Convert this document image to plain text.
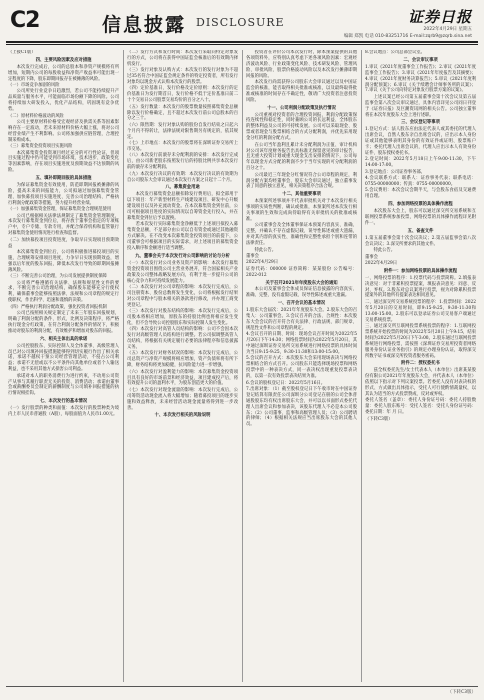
C2	信息披露 DISCLOSURE	证券日报
2022年4月29日 星期五
编辑 郑凯 电话 010-83251716 E-mail:zqrb9@zqrb.sina.net

（上接C1版）

四、主要风险因素及应对措施

本次发行完成后，公司的总股本和净资产规模将有所增加，短期内公司的每股收益和净资产收益率可能出现一定程度的下降，股东即期回报存在被摊薄的风险。

（一）市场竞争加剧的风险

公司所处行业竞争日趋激烈，若公司不能持续提升产品质量与服务水平，可能面临市场份额下降的风险。公司将持续加大研发投入，优化产品结构，巩固现有竞争优势。

（二）原材料价格波动的风险

公司主要原材料价格受宏观经济及供需关系等因素影响存在一定波动，若未来原材料价格大幅上涨，将对公司经营业绩产生不利影响。公司将加强供应链管理，合理控制采购成本。

（三）募集资金投资项目实施风险

本次募集资金投资项目经过充分的可行性论证，但项目实施过程中仍可能受到市场环境、技术进步、政策变化等因素影响，存在项目实施进度及预期效益不达预期的风险。

五、填补即期回报的具体措施

为保证募集资金有效使用，防范即期回报被摊薄的风险，提高未来的回报能力，公司拟通过加强募集资金管理、加快募投项目实施进度、完善公司治理结构、严格执行利润分配政策等措施，努力提升经营业绩。

（一）加强募集资金管理，保证募集资金合理规范使用

公司已根据相关法律法规制定了募集资金管理制度，本次发行募集资金到位后，将存放于董事会指定的专项账户中，专户专储、专款专用，并配合保荐机构和监管银行对募集资金使用情况进行检查和监督。

（二）加快募投项目投资进度，争取早日实现项目预期效益

本次募集资金到位后，公司将积极推进募投项目的实施，合理统筹安排项目进度，力争早日实现预期效益，增强以后年度的股东回报，降低本次发行导致的即期回报摊薄风险。

（三）不断完善公司治理，为公司发展提供制度保障

公司将严格遵循有关法律、法规和规范性文件的要求，不断完善公司治理结构，确保股东能够充分行使权利，确保董事会能够按照法律、法规和公司章程的规定行使职权，作出科学、迅速和谨慎的决策。

（四）严格执行利润分配政策，强化投资者回报机制

公司已按照相关规定制定了未来三年股东回报规划，明确了利润分配的条件、形式、比例及决策程序，将严格执行现金分红政策，在符合利润分配条件的情况下，积极推动对股东的利润分配，有效维护和增加对股东的回报。

六、相关主体出具的承诺

公司控股股东、实际控制人及全体董事、高级管理人员已对公司填补回报措施能够得到切实履行作出了相关承诺，承诺不越权干预公司经营管理活动，不侵占公司利益；承诺不无偿或以不公平条件向其他单位或者个人输送利益，也不采用其他方式损害公司利益。

承诺对本人的职务消费行为进行约束，不动用公司资产从事与其履行职责无关的投资、消费活动；承诺由董事会或薪酬委员会制定的薪酬制度与公司填补回报措施的执行情况相挂钩。

七、本次发行的基本情况

（一）发行股票的种类和面值：本次发行的股票种类为境内上市人民币普通股（A股），每股面值为人民币1.00元。

（二）发行方式和发行时间：本次发行采取向特定对象发行的方式，公司将在获得中国证监会核准后的有效期内择机发行。

（三）发行对象及认购方式：本次发行的发行对象为不超过35名符合中国证监会规定条件的特定投资者，所有发行对象均以现金方式认购本次发行的股票。

（四）定价基准日、发行价格及定价原则：本次发行的定价基准日为发行期首日，发行价格不低于定价基准日前二十个交易日公司股票交易均价的百分之八十。

（五）发行数量：本次发行的股票数量按照募集资金总额除以发行价格确定，且不超过本次发行前公司总股本的百分之三十。

（六）限售期：发行对象认购的股份自发行结束之日起六个月内不得转让，法律法规对限售期另有规定的，依其规定。

（七）上市地点：本次发行的股票将在深圳证券交易所上市交易。

（八）本次发行前滚存未分配利润的安排：本次发行完成后，由公司新老股东按照发行后的持股比例共享本次发行前的滚存未分配利润。

（九）本次发行决议的有效期：本次发行决议的有效期为自公司股东大会审议通过本次发行方案之日起十二个月。

八、募集资金用途

本次发行募集资金总额扣除发行费用后，拟全部用于以下项目：年产新型材料生产线建设项目、研发中心升级建设项目以及补充流动资金。在本次募集资金到位前，公司可根据项目进度的实际情况以自筹资金先行投入，并在募集资金到位后予以置换。

若本次发行实际募集资金净额低于上述项目拟投入募集资金总额，不足部分由公司以自有资金或通过其他融资方式解决。在不改变本次募集资金投资项目的前提下，公司董事会可根据项目的实际需求，对上述项目的募集资金投入顺序和金额进行适当调整。

九、董事会关于本次发行对公司影响的讨论与分析

（一）本次发行对公司业务及资产的影响：本次发行募集资金投资项目围绕公司主营业务展开，符合国家相关产业政策及公司整体战略发展方向，有利于进一步提升公司的核心竞争力和可持续发展能力。

（二）本次发行对公司章程的影响：本次发行完成后，公司注册资本、股份总数将发生变化，公司将根据发行结果对公司章程中与股本相关的条款进行修改，并办理工商变更登记。

（三）本次发行对股东结构的影响：本次发行完成后，公司股本将相应增加，原股东的持股比例也将相应发生变化，但不会导致公司控股股东和实际控制人发生变化。

（四）本次发行对高管人员结构的影响：公司不会因本次发行对高级管理人员结构进行调整。若公司拟调整高管人员结构，将根据有关规定履行必要的法律程序和信息披露义务。

（五）本次发行对财务状况的影响：本次发行完成后，公司总资产与净资产规模将相应增加，资产负债率将有所下降，财务结构将更加稳健，抗风险能力进一步增强。

（六）本次发行对盈利能力的影响：本次募集资金投资项目具有良好的市场前景和经济效益，项目建成投产后，将有效提升公司的盈利水平，为股东创造更大的价值。

（七）本次发行对现金流量的影响：本次发行完成后，公司筹资活动现金流入将大幅增加；随着募投项目的逐步实施和效益释放，未来经营活动现金流量将得到进一步改善。

十、本次发行相关的风险说明

投资者在评价公司本次发行时，除本预案提供的其他各项资料外，应特别认真考虑下述各项风险因素：宏观经济波动风险、行业政策变化风险、技术研发风险、管理风险、审批风险、股票价格波动风险以及本次发行摊薄即期回报的风险。

本次发行尚需获得公司股东大会审议通过以及中国证监会的核准，能否取得相关批准或核准，以及最终取得批准或核准的时间存在不确定性，敬请广大投资者注意投资风险。

十一、公司利润分配政策及执行情况

公司重视对投资者的合理投资回报，利润分配政策保持连续性和稳定性，同时兼顾公司的长远利益、全体股东的整体利益及公司的可持续发展。公司可以采取现金、股票或者现金与股票相结合的方式分配利润，并优先采用现金分红的利润分配方式。

在公司当年盈利且累计未分配利润为正值、审计机构对公司该年度财务报告出具标准无保留意见的审计报告、且无重大投资计划或重大现金支出安排的情况下，公司每年以现金方式分配的利润不少于当年实现的可分配利润的百分之十。

公司最近三年现金分红情况符合公司章程的规定，利润分配方案均经董事会、股东大会审议通过，独立董事发表了同意的独立意见，相关决策程序合法合规。

十二、其他重要事项

本预案所述事项并不代表审批机关对于本次发行相关事项的实质性判断、确认或批准，本预案所述本次发行相关事项的生效和完成尚待取得有关审批机关的批准或核准。

公司董事会及全体董事保证本预案内容真实、准确、完整，并确认不存在虚假记载、误导性陈述或重大遗漏，并对其内容的真实性、准确性和完整性承担个别和连带的法律责任。

特此公告。

董事会

2022年4月29日

证券代码：000000 证券简称：某某股份 公告编号：2022-012

关于召开2021年年度股东大会的通知

本公司及董事会全体成员保证信息披露的内容真实、准确、完整，没有虚假记载、误导性陈述或重大遗漏。

一、召开会议的基本情况

1.股东大会届次：2021年年度股东大会。2.股东大会的召集人：公司董事会。3.会议召开的合法、合规性：本次股东大会会议的召开符合有关法律、行政法规、部门规章、规范性文件和公司章程的规定。

4.会议召开的日期、时间：现场会议召开时间为2022年5月20日下午14:30；网络投票时间为2022年5月20日，其中通过深圳证券交易所交易系统进行网络投票的具体时间为当日9:15-9:25，9:30-11:30和13:00-15:00。

5.会议的召开方式：本次股东大会采用现场表决与网络投票相结合的方式召开。公司股东只能选择现场投票和网络投票中的一种表决方式，同一表决权出现重复投票表决的，以第一次有效投票表决结果为准。

6.会议的股权登记日：2022年5月16日。

7.出席对象：（1）截至股权登记日下午收市时在中国证券登记结算有限责任公司深圳分公司登记在册的公司全体普通股股东均有权出席股东大会，并可以以书面形式委托代理人出席会议和参加表决，该股东代理人不必是本公司股东；（2）公司董事、监事和高级管理人员；（3）公司聘请的律师；（4）根据相关法规应当出席股东大会的其他人员。

8.会议地点：公司总部会议室。

二、会议审议事项

1.审议《2021年度董事会工作报告》；2.审议《2021年度监事会工作报告》；3.审议《2021年年度报告及其摘要》；4.审议《2021年度财务决算报告》；5.审议《2021年度利润分配预案》；6.审议《关于续聘会计师事务所的议案》；7.审议《关于公司向特定对象发行股票方案的议案》。

上述议案已经公司第五届董事会第十次会议及第五届监事会第八次会议审议通过，具体内容详见公司同日刊登于《证券日报》及巨潮资讯网的相关公告。公司独立董事将在本次年度股东大会上进行述职。

三、会议登记等事项

1.登记方式：法人股东应由法定代表人或其委托的代理人出席会议，自然人股东亲自出席会议的，应出示本人身份证或其他能够表明其身份的有效证件或证明、股票账户卡；委托代理人出席会议的，代理人应出示本人有效身份证件、股东授权委托书。

2.登记时间：2022年5月18日上午9:00-11:30，下午14:00-17:00。

3.登记地点：公司证券事务部。

4.会议联系方式：联系人：证券事务代表；联系电话：0755-00000000；传真：0755-00000000。

5.会议费用：本次会议会期半天，与会股东食宿及交通费用自理。

四、参加网络投票的具体操作流程

本次股东大会上，股东可以通过深交所交易系统和互联网投票系统参加投票，网络投票的具体操作流程详见附件一。

五、备查文件

1.第五届董事会第十次会议决议；2.第五届监事会第八次会议决议；3.深交所要求的其他文件。

特此公告。

董事会

2022年4月29日

附件一：参加网络投票的具体操作流程

一、网络投票的程序：1.投票代码与投票简称。2.填报表决意见：对于非累积投票提案，填报表决意见：同意、反对、弃权。3.股东对总议案进行投票，视为对除累积投票提案外的其他所有提案表达相同意见。

二、通过深交所交易系统投票的程序：1.投票时间：2022年5月20日的交易时间，即9:15-9:25，9:30-11:30和13:00-15:00。2.股东可以登录证券公司交易客户端通过交易系统投票。

三、通过深交所互联网投票系统投票的程序：1.互联网投票系统开始投票的时间为2022年5月20日上午9:15，结束时间为2022年5月20日下午3:00。2.股东通过互联网投票系统进行网络投票，需按照《深圳证券交易所投资者网络服务身份认证业务指引》的规定办理身份认证，取得深交所数字证书或深交所投资者服务密码。

附件二：授权委托书

兹全权委托先生/女士代表本人（本单位）出席某某股份有限公司2021年年度股东大会，并代表本人（本单位）依照以下指示对下列议案投票。若委托人没有对表决权的形式、方式做出具体指示，受托人可行使酌情裁量权，以其认为适当的方式投票赞成、反对或弃权。

委托人签名（盖章）：委托人身份证号码：委托人持股数量：委托人股东账号：受托人签名：受托人身份证号码：委托日期：年 月 日。

（下转C3版）

（下转C3版）
